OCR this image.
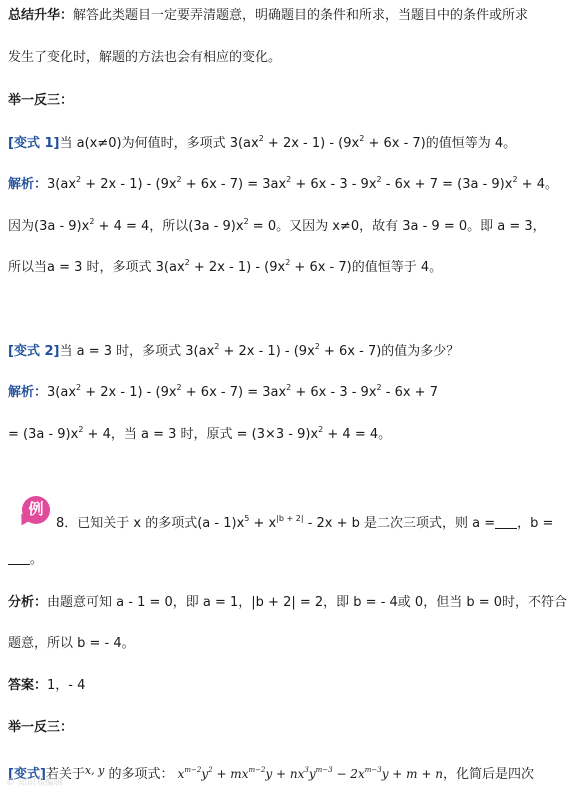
总结升华：解答此类题目一定要弄清题意，明确题目的条件和所求，当题目中的条件或所求
发生了变化时，解题的方法也会有相应的变化。
举一反三：
[变式 1]当 a(x≠0)为何值时，多项式 $3(ax^2 + 2x - 1) - (9x^2 + 6x - 7)$的值恒等为 4。
解析：$3(ax^2 + 2x - 1) - (9x^2 + 6x - 7) = 3ax^2 + 6x - 3 - 9x^2 - 6x + 7 = (3a - 9)x^2 + 4$。
因为$(3a - 9)x^2 + 4 = 4$，所以$(3a - 9)x^2 = 0$。又因为 x≠0，故有 3a - 9 = 0。即 a = 3，
所以当a = 3 时，多项式 $3(ax^2 + 2x - 1) - (9x^2 + 6x - 7)$的值恒等于 4。
[变式 2]当 a = 3 时，多项式 $3(ax^2 + 2x - 1) - (9x^2 + 6x - 7)$的值为多少？
解析：$3(ax^2 + 2x - 1) - (9x^2 + 6x - 7) = 3ax^2 + 6x - 3 - 9x^2 - 6x + 7$
= $(3a - 9)x^2 + 4$，当 a = 3 时，原式 = $(3\times 3 - 9)x^2 + 4 = 4$。
例
8．已知关于 x 的多项式$(a - 1)x^5 + x^{|b + 2|} - 2x + b$ 是二次三项式，则 a = ，b =
。
分析：由题意可知 a - 1 = 0，即 a = 1，|b + 2| = 2，即 b = - 4或 0，但当 b = 0时，不符合
题意，所以 b = - 4。
答案：1，- 4
举一反三：
[变式]若关于$^{x, y}$ 的多项式： $x^{m-2}y^2 + mx^{m-2}y + nx^3y^{m-3} - 2x^{m-3}y + m + n$，化简后是四次
© 知识易编辑
